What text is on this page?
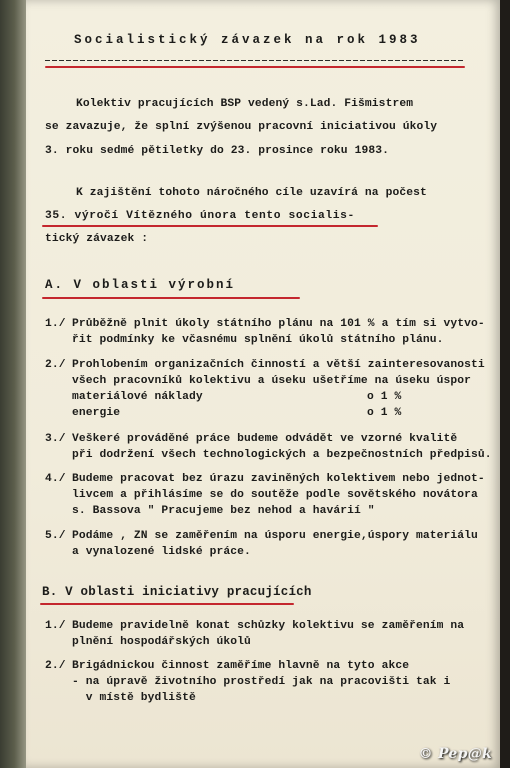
Socialistický závazek na rok 1983
Kolektiv pracujících BSP vedený s.Lad. Fišmistrem
se zavazuje, že splní zvýšenou pracovní iniciativou úkoly
3. roku sedmé pětiletky do 23. prosince roku 1983.
K zajištění tohoto náročného cíle uzavírá na počest
35. výročí Vítězného února tento socialis-
tický závazek :
A. V oblasti výrobní
1./ Průběžně plnit úkoly státního plánu na 101 % a tím si vytvo-
řit podmínky ke včasnému splnění úkolů státního plánu.
2./ Prohlobením organizačních činností a větší zainteresovanosti
všech pracovníků kolektivu a úseku ušetříme na úseku úspor
materiálové náklady	o 1 %
energie	o 1 %
3./ Veškeré prováděné práce budeme odvádět ve vzorné kvalitě
při dodržení všech technologických a bezpečnostních předpisů.
4./ Budeme pracovat bez úrazu zaviněných kolektivem nebo jednot-
livcem a přihlásíme se do soutěže podle sovětského novátora
s. Bassova " Pracujeme bez nehod a havárií "
5./ Podáme , ZN se zaměřením na úsporu energie,úspory materiálu
a vynalozené lidské práce.
B. V oblasti iniciativy pracujících
1./ Budeme pravidelně konat schůzky kolektivu se zaměřením na
plnění hospodářských úkolů
2./ Brigádnickou činnost zaměříme hlavně na tyto akce
- na úpravě životního prostředí jak na pracovišti tak i
v místě bydliště
© Pep@k
